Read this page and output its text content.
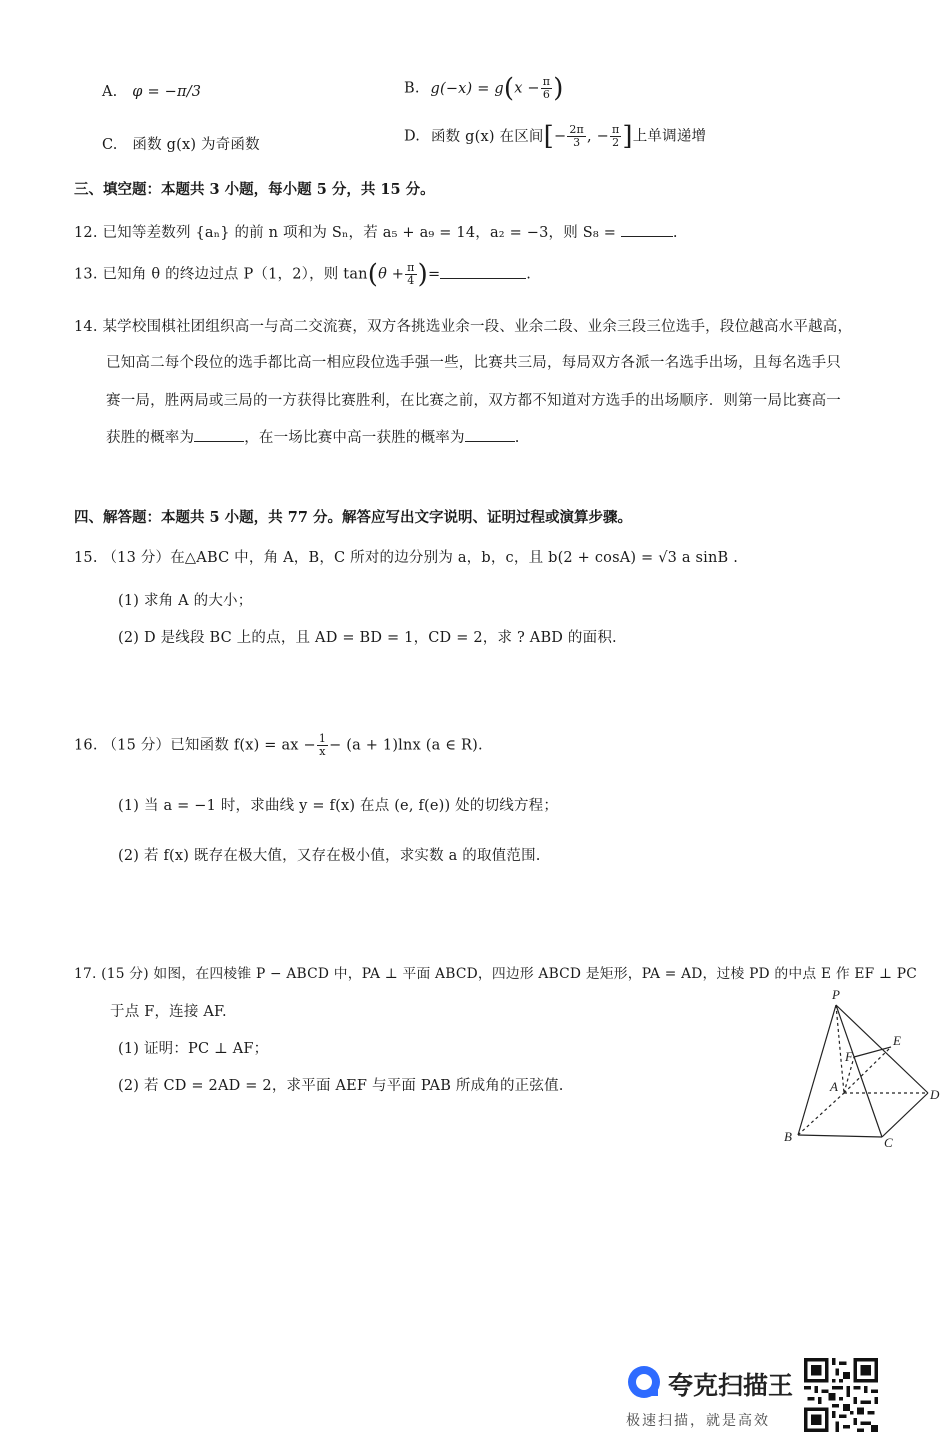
A. φ = −π/3	B. $g(-x) = g(x - \frac{\pi}{6}$ )
C. 函数 g(x) 为奇函数
D. 函数 g(x) 在区间[− $\frac{2\pi}{3}$ , − $\frac{\pi}{2}$ ]上单调递增
三、填空题：本题共 3 小题，每小题 5 分，共 15 分。
12. 已知等差数列 {aₙ} 的前 n 项和为 Sₙ，若 a₅ + a₉ = 14，a₂ = −3，则 S₈ =	.
13. 已知角 θ 的终边过点 P（1，2），则 $\tan(\theta + \frac{\pi}{4}$ )=	.
14. 某学校围棋社团组织高一与高二交流赛，双方各挑选业余一段、业余二段、业余三段三位选手，段位越高水平越高，
已知高二每个段位的选手都比高一相应段位选手强一些，比赛共三局，每局双方各派一名选手出场，且每名选手只
赛一局，胜两局或三局的一方获得比赛胜利，在比赛之前，双方都不知道对方选手的出场顺序．则第一局比赛高一
获胜的概率为	，在一场比赛中高一获胜的概率为	.
四、解答题：本题共 5 小题，共 77 分。解答应写出文字说明、证明过程或演算步骤。
15. （13 分）在△ABC 中，角 A，B，C 所对的边分别为 a，b，c，且 b(2 + cosA) = √3 a sinB .
(1) 求角 A 的大小；
(2) D 是线段 BC 上的点，且 AD = BD = 1，CD = 2，求 ? ABD 的面积.
16. （15 分）已知函数 f(x) = ax − $\frac{1}{x} - (a + 1)\ln x$ (a ∈ R).
(1) 当 a = −1 时，求曲线 y = f(x) 在点 (e, f(e)) 处的切线方程；
(2) 若 f(x) 既存在极大值，又存在极小值，求实数 a 的取值范围.
17. (15 分) 如图，在四棱锥 P − ABCD 中，PA ⊥ 平面 ABCD，四边形 ABCD 是矩形，PA = AD，过棱 PD 的中点 E 作 EF ⊥ PC
于点 F，连接 AF.
(1) 证明：PC ⊥ AF；
(2) 若 CD = 2AD = 2，求平面 AEF 与平面 PAB 所成角的正弦值.
P
E
F
A
D
B	C
夸克扫描王
极速扫描，就是高效
